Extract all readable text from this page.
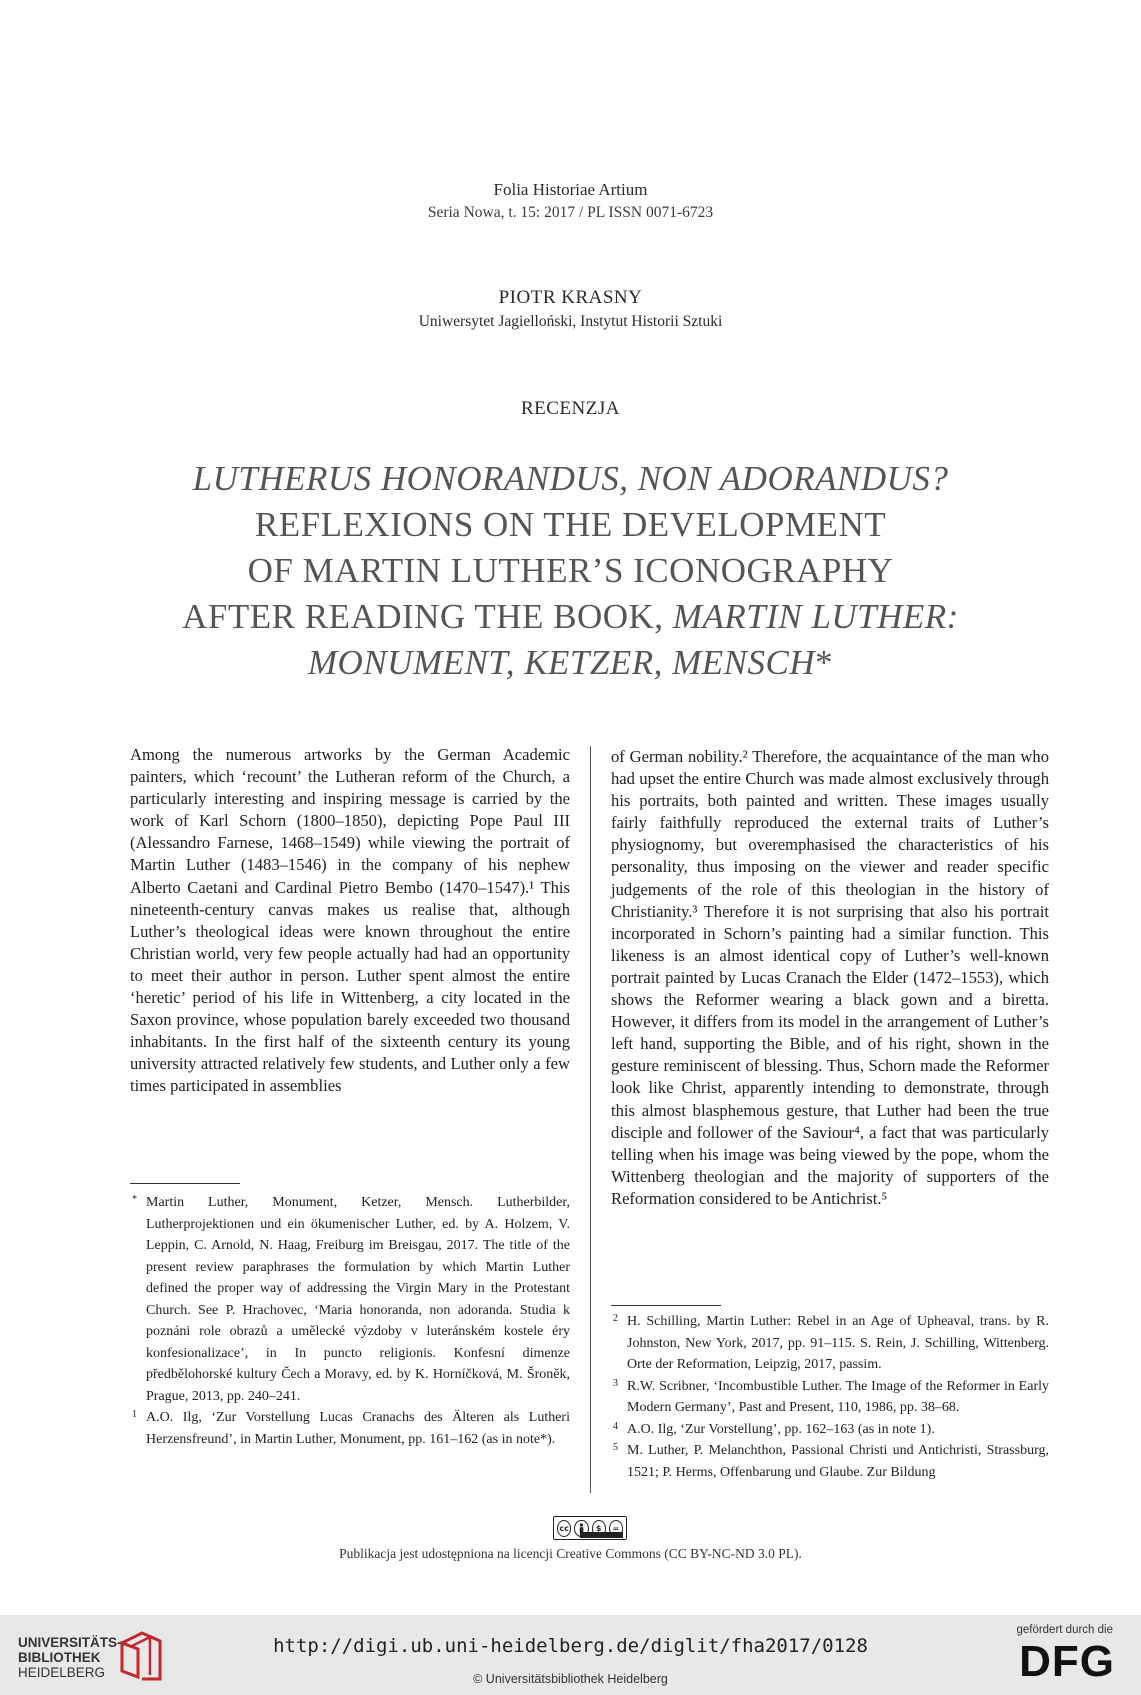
Folia Historiae Artium
Seria Nowa, t. 15: 2017 / PL ISSN 0071-6723
PIOTR KRASNY
Uniwersytet Jagielloński, Instytut Historii Sztuki
RECENZJA
LUTHERUS HONORANDUS, NON ADORANDUS?
REFLEXIONS ON THE DEVELOPMENT
OF MARTIN LUTHER’S ICONOGRAPHY
AFTER READING THE BOOK, MARTIN LUTHER:
MONUMENT, KETZER, MENSCH*
Among the numerous artworks by the German Academic painters, which ‘recount’ the Lutheran reform of the Church, a particularly interesting and inspiring message is carried by the work of Karl Schorn (1800–1850), depicting Pope Paul III (Alessandro Farnese, 1468–1549) while viewing the portrait of Martin Luther (1483–1546) in the company of his nephew Alberto Caetani and Cardinal Pietro Bembo (1470–1547).¹ This nineteenth-century canvas makes us realise that, although Luther’s theological ideas were known throughout the entire Christian world, very few people actually had had an opportunity to meet their author in person. Luther spent almost the entire ‘heretic’ period of his life in Wittenberg, a city located in the Saxon province, whose population barely exceeded two thousand inhabitants. In the first half of the sixteenth century its young university attracted relatively few students, and Luther only a few times participated in assemblies
of German nobility.² Therefore, the acquaintance of the man who had upset the entire Church was made almost exclusively through his portraits, both painted and written. These images usually fairly faithfully reproduced the external traits of Luther’s physiognomy, but overemphasised the characteristics of his personality, thus imposing on the viewer and reader specific judgements of the role of this theologian in the history of Christianity.³ Therefore it is not surprising that also his portrait incorporated in Schorn’s painting had a similar function. This likeness is an almost identical copy of Luther’s well-known portrait painted by Lucas Cranach the Elder (1472–1553), which shows the Reformer wearing a black gown and a biretta. However, it differs from its model in the arrangement of Luther’s left hand, supporting the Bible, and of his right, shown in the gesture reminiscent of blessing. Thus, Schorn made the Reformer look like Christ, apparently intending to demonstrate, through this almost blasphemous gesture, that Luther had been the true disciple and follower of the Saviour⁴, a fact that was particularly telling when his image was being viewed by the pope, whom the Wittenberg theologian and the majority of supporters of the Reformation considered to be Antichrist.⁵
* Martin Luther, Monument, Ketzer, Mensch. Lutherbilder, Lutherprojektionen und ein ökumenischer Luther, ed. by A. Holzem, V. Leppin, C. Arnold, N. Haag, Freiburg im Breisgau, 2017. The title of the present review paraphrases the formulation by which Martin Luther defined the proper way of addressing the Virgin Mary in the Protestant Church. See P. Hrachovec, ‘Maria honoranda, non adoranda. Studia k poznáni role obrazů a umělecké výzdoby v luteránském kostele éry konfesionalizace’, in In puncto religionis. Konfesní dimenze předbělohorské kultury Čech a Moravy, ed. by K. Horníčková, M. Šroněk, Prague, 2013, pp. 240–241.
1 A.O. Ilg, ‘Zur Vorstellung Lucas Cranachs des Älteren als Lutheri Herzensfreund’, in Martin Luther, Monument, pp. 161–162 (as in note*).
2 H. Schilling, Martin Luther: Rebel in an Age of Upheaval, trans. by R. Johnston, New York, 2017, pp. 91–115. S. Rein, J. Schilling, Wittenberg. Orte der Reformation, Leipzig, 2017, passim.
3 R.W. Scribner, ‘Incombustible Luther. The Image of the Reformer in Early Modern Germany’, Past and Present, 110, 1986, pp. 38–68.
4 A.O. Ilg, ‘Zur Vorstellung’, pp. 162–163 (as in note 1).
5 M. Luther, P. Melanchthon, Passional Christi und Antichristi, Strassburg, 1521; P. Herms, Offenbarung und Glaube. Zur Bildung
cc	$	=
Publikacja jest udostępniona na licencji Creative Commons (CC BY-NC-ND 3.0 PL).
UNIVERSITÄTS-
BIBLIOTHEK
HEIDELBERG
http://digi.ub.uni-heidelberg.de/diglit/fha2017/0128
© Universitätsbibliothek Heidelberg
gefördert durch die
DFG
